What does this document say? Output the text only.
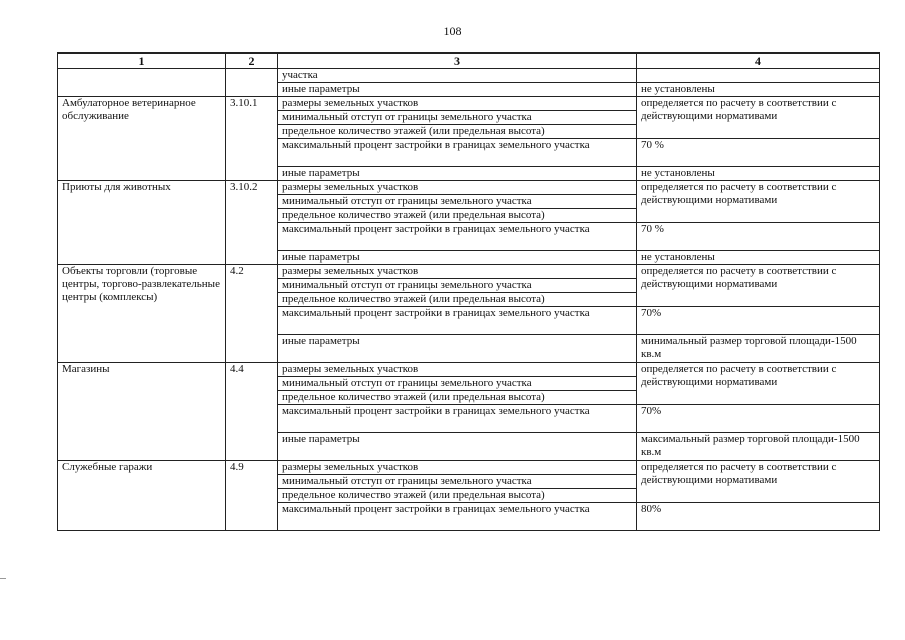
108
1	2	3	4
		участка	
		иные параметры	не установлены
Амбулаторное ветеринарное обслуживание	3.10.1	размеры земельных участков	определяется по расчету в соответствии с действующими нормативами
		минимальный отступ от границы земельного участка	
		предельное количество этажей (или предельная высота)	
		максимальный процент застройки в границах земельного участка	70 %
		иные параметры	не установлены
Приюты для животных	3.10.2	размеры земельных участков	определяется по расчету в соответствии с действующими нормативами
		минимальный отступ от границы земельного участка	
		предельное количество этажей (или предельная высота)	
		максимальный процент застройки в границах земельного участка	70 %
		иные параметры	не установлены
Объекты торговли (торговые центры, торгово-развлекательные центры (комплексы)	4.2	размеры земельных участков	определяется по расчету в соответствии с действующими нормативами
		минимальный отступ от границы земельного участка	
		предельное количество этажей (или предельная высота)	
		максимальный процент застройки в границах земельного участка	70%
		иные параметры	минимальный размер торговой площади-1500 кв.м
Магазины	4.4	размеры земельных участков	определяется по расчету в соответствии с действующими нормативами
		минимальный отступ от границы земельного участка	
		предельное количество этажей (или предельная высота)	
		максимальный процент застройки в границах земельного участка	70%
		иные параметры	максимальный размер торговой площади-1500 кв.м
Служебные гаражи	4.9	размеры земельных участков	определяется по расчету в соответствии с действующими нормативами
		минимальный отступ от границы земельного участка	
		предельное количество этажей (или предельная высота)	
		максимальный процент застройки в границах земельного участка	80%
